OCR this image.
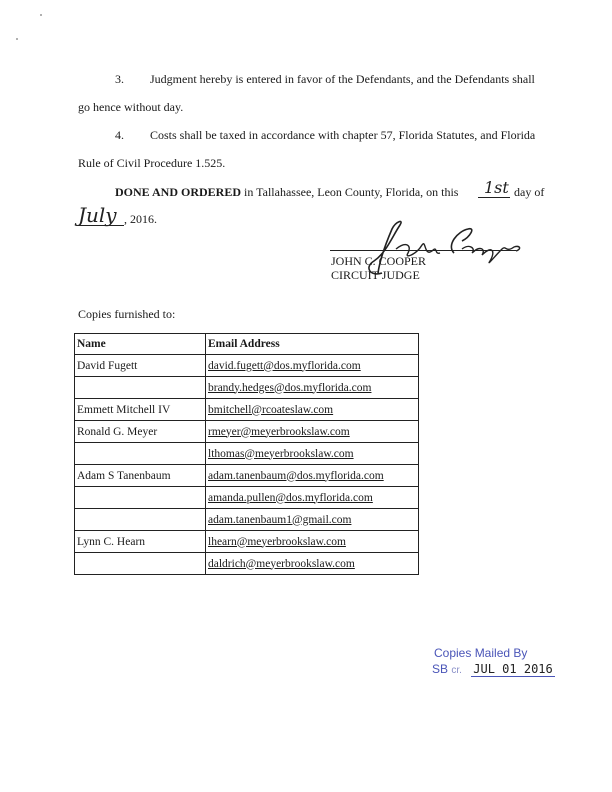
3. Judgment hereby is entered in favor of the Defendants, and the Defendants shall
go hence without day.
4. Costs shall be taxed in accordance with chapter 57, Florida Statutes, and Florida
Rule of Civil Procedure 1.525.
DONE AND ORDERED in Tallahassee, Leon County, Florida, on this 1st day of
July , 2016.
JOHN C. COOPER
CIRCUIT JUDGE
Copies furnished to:
Name	Email Address
David Fugett	david.fugett@dos.myflorida.com
	brandy.hedges@dos.myflorida.com
Emmett Mitchell IV	bmitchell@rcoateslaw.com
Ronald G. Meyer	rmeyer@meyerbrookslaw.com
	lthomas@meyerbrookslaw.com
Adam S Tanenbaum	adam.tanenbaum@dos.myflorida.com
	amanda.pullen@dos.myflorida.com
	adam.tanenbaum1@gmail.com
Lynn C. Hearn	lhearn@meyerbrookslaw.com
	daldrich@meyerbrookslaw.com
Copies Mailed By
SB cr. JUL 01 2016
